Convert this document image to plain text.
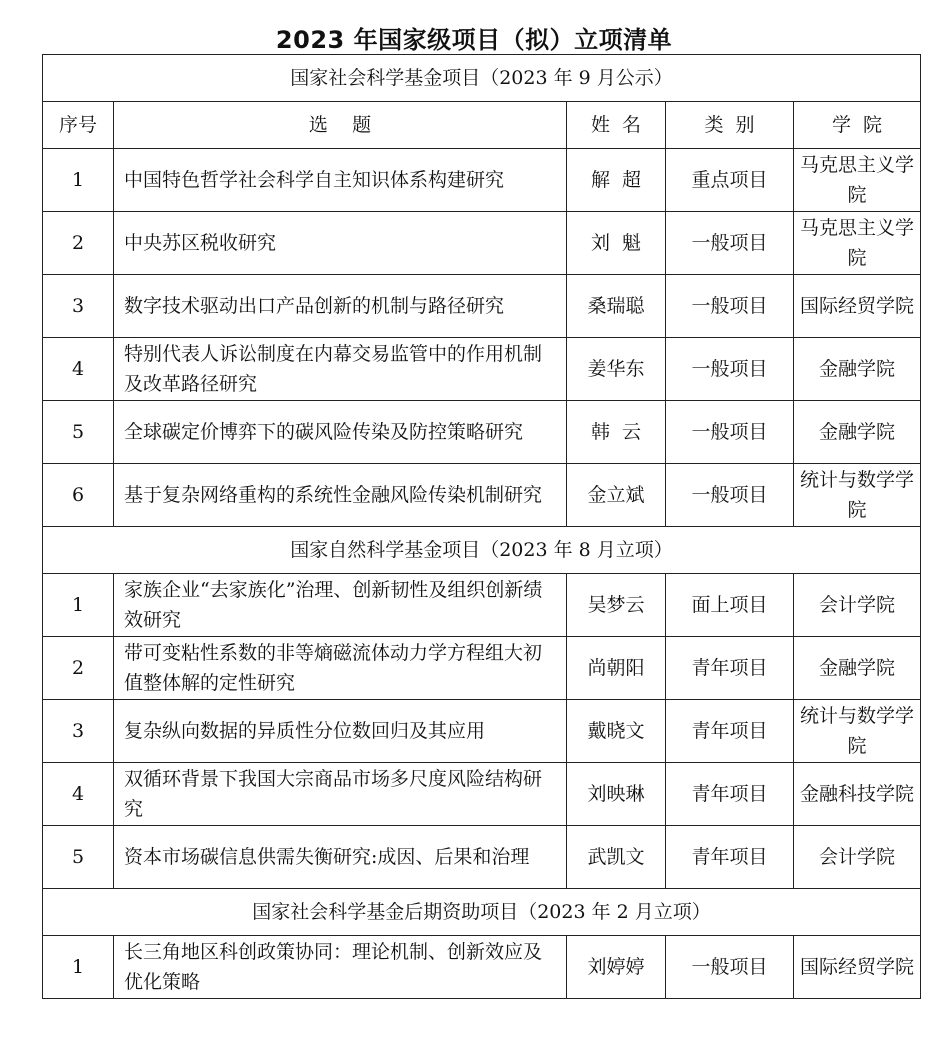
2023 年国家级项目（拟）立项清单
国家社会科学基金项目（2023 年 9 月公示）				
序号	选    题	姓  名	类  别	学  院
1	中国特色哲学社会科学自主知识体系构建研究	解  超	重点项目	马克思主义学院
2	中央苏区税收研究	刘  魁	一般项目	马克思主义学院
3	数字技术驱动出口产品创新的机制与路径研究	桑瑞聪	一般项目	国际经贸学院
4	特别代表人诉讼制度在内幕交易监管中的作用机制及改革路径研究	姜华东	一般项目	金融学院
5	全球碳定价博弈下的碳风险传染及防控策略研究	韩  云	一般项目	金融学院
6	基于复杂网络重构的系统性金融风险传染机制研究	金立斌	一般项目	统计与数学学院
国家自然科学基金项目（2023 年 8 月立项）				
1	家族企业“去家族化”治理、创新韧性及组织创新绩效研究	吴梦云	面上项目	会计学院
2	带可变粘性系数的非等熵磁流体动力学方程组大初值整体解的定性研究	尚朝阳	青年项目	金融学院
3	复杂纵向数据的异质性分位数回归及其应用	戴晓文	青年项目	统计与数学学院
4	双循环背景下我国大宗商品市场多尺度风险结构研究	刘映琳	青年项目	金融科技学院
5	资本市场碳信息供需失衡研究:成因、后果和治理	武凯文	青年项目	会计学院
国家社会科学基金后期资助项目（2023 年 2 月立项）				
1	长三角地区科创政策协同：理论机制、创新效应及优化策略	刘婷婷	一般项目	国际经贸学院
